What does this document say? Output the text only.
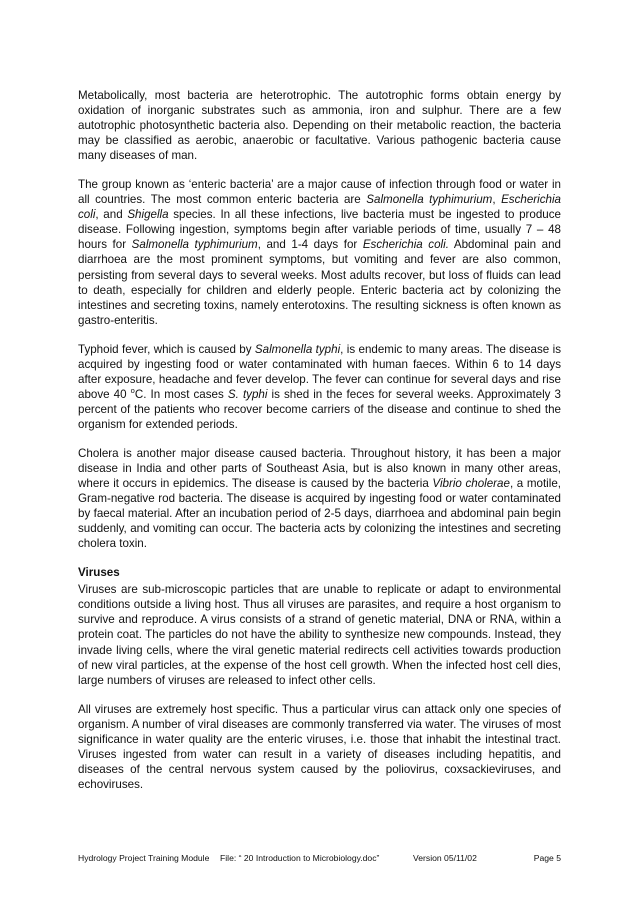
Metabolically, most bacteria are heterotrophic. The autotrophic forms obtain energy by oxidation of inorganic substrates such as ammonia, iron and sulphur. There are a few autotrophic photosynthetic bacteria also. Depending on their metabolic reaction, the bacteria may be classified as aerobic, anaerobic or facultative. Various pathogenic bacteria cause many diseases of man.

The group known as ‘enteric bacteria’ are a major cause of infection through food or water in all countries. The most common enteric bacteria are Salmonella typhimurium, Escherichia coli, and Shigella species. In all these infections, live bacteria must be ingested to produce disease. Following ingestion, symptoms begin after variable periods of time, usually 7 – 48 hours for Salmonella typhimurium, and 1-4 days for Escherichia coli. Abdominal pain and diarrhoea are the most prominent symptoms, but vomiting and fever are also common, persisting from several days to several weeks. Most adults recover, but loss of fluids can lead to death, especially for children and elderly people. Enteric bacteria act by colonizing the intestines and secreting toxins, namely enterotoxins. The resulting sickness is often known as gastro-enteritis.

Typhoid fever, which is caused by Salmonella typhi, is endemic to many areas. The disease is acquired by ingesting food or water contaminated with human faeces. Within 6 to 14 days after exposure, headache and fever develop. The fever can continue for several days and rise above 40 $^o$C. In most cases S. typhi is shed in the feces for several weeks. Approximately 3 percent of the patients who recover become carriers of the disease and continue to shed the organism for extended periods.

Cholera is another major disease caused bacteria. Throughout history, it has been a major disease in India and other parts of Southeast Asia, but is also known in many other areas, where it occurs in epidemics. The disease is caused by the bacteria Vibrio cholerae, a motile, Gram-negative rod bacteria. The disease is acquired by ingesting food or water contaminated by faecal material. After an incubation period of 2-5 days, diarrhoea and abdominal pain begin suddenly, and vomiting can occur. The bacteria acts by colonizing the intestines and secreting cholera toxin.

Viruses

Viruses are sub-microscopic particles that are unable to replicate or adapt to environmental conditions outside a living host. Thus all viruses are parasites, and require a host organism to survive and reproduce. A virus consists of a strand of genetic material, DNA or RNA, within a protein coat. The particles do not have the ability to synthesize new compounds. Instead, they invade living cells, where the viral genetic material redirects cell activities towards production of new viral particles, at the expense of the host cell growth. When the infected host cell dies, large numbers of viruses are released to infect other cells.

All viruses are extremely host specific. Thus a particular virus can attack only one species of organism. A number of viral diseases are commonly transferred via water. The viruses of most significance in water quality are the enteric viruses, i.e. those that inhabit the intestinal tract. Viruses ingested from water can result in a variety of diseases including hepatitis, and diseases of the central nervous system caused by the poliovirus, coxsackieviruses, and echoviruses.

Hydrology Project Training Module File: “ 20 Introduction to Microbiology.doc”	Version 05/11/02	Page 5
